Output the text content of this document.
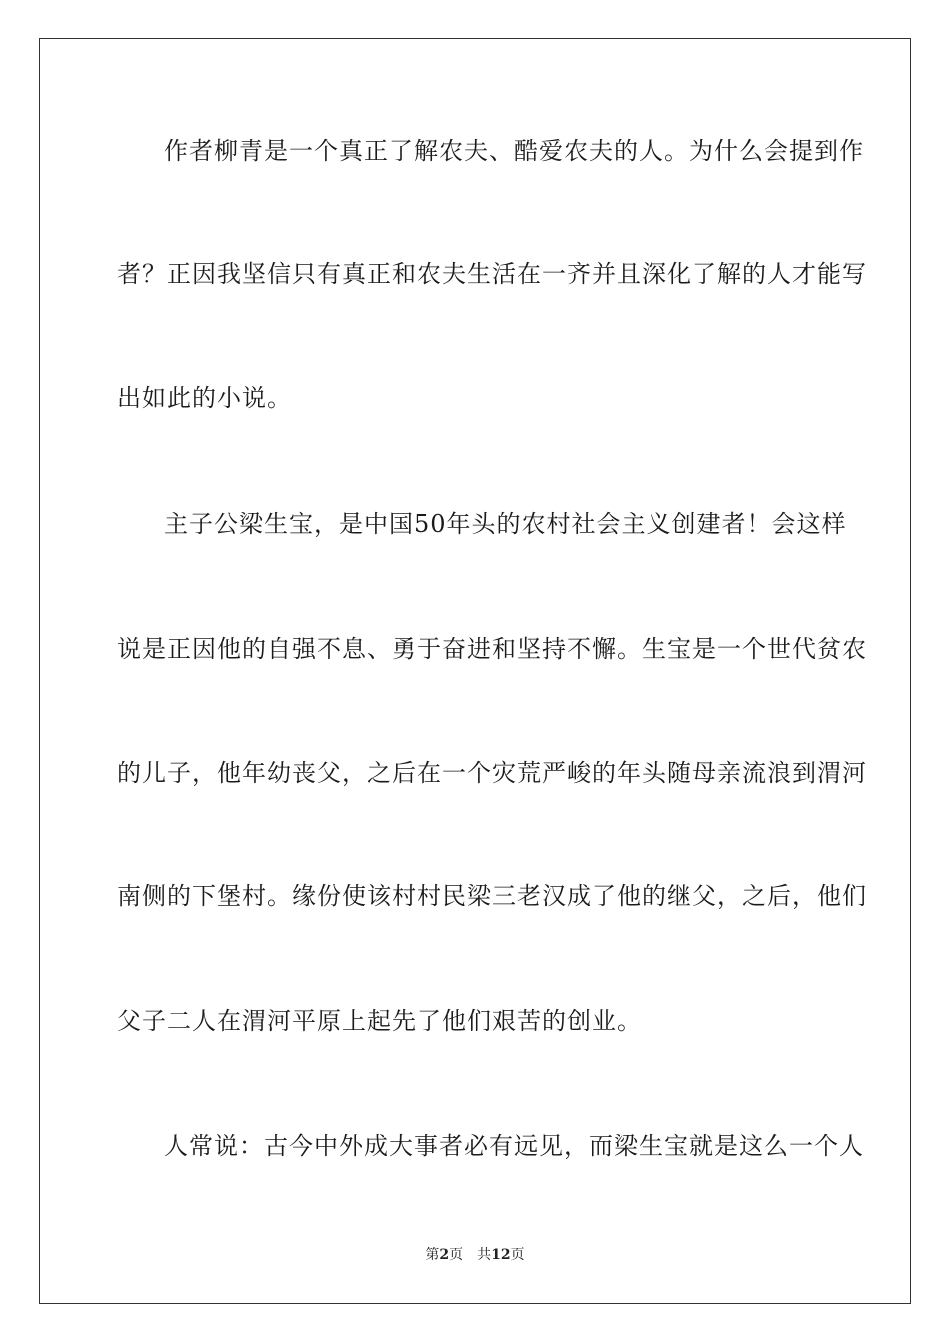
作者柳青是一个真正了解农夫、酷爱农夫的人。为什么会提到作
者？正因我坚信只有真正和农夫生活在一齐并且深化了解的人才能写
出如此的小说。
主子公梁生宝，是中国50年头的农村社会主义创建者！会这样
说是正因他的自强不息、勇于奋进和坚持不懈。生宝是一个世代贫农
的儿子，他年幼丧父，之后在一个灾荒严峻的年头随母亲流浪到渭河
南侧的下堡村。缘份使该村村民梁三老汉成了他的继父，之后，他们
父子二人在渭河平原上起先了他们艰苦的创业。
人常说：古今中外成大事者必有远见，而梁生宝就是这么一个人
第2页 共12页
